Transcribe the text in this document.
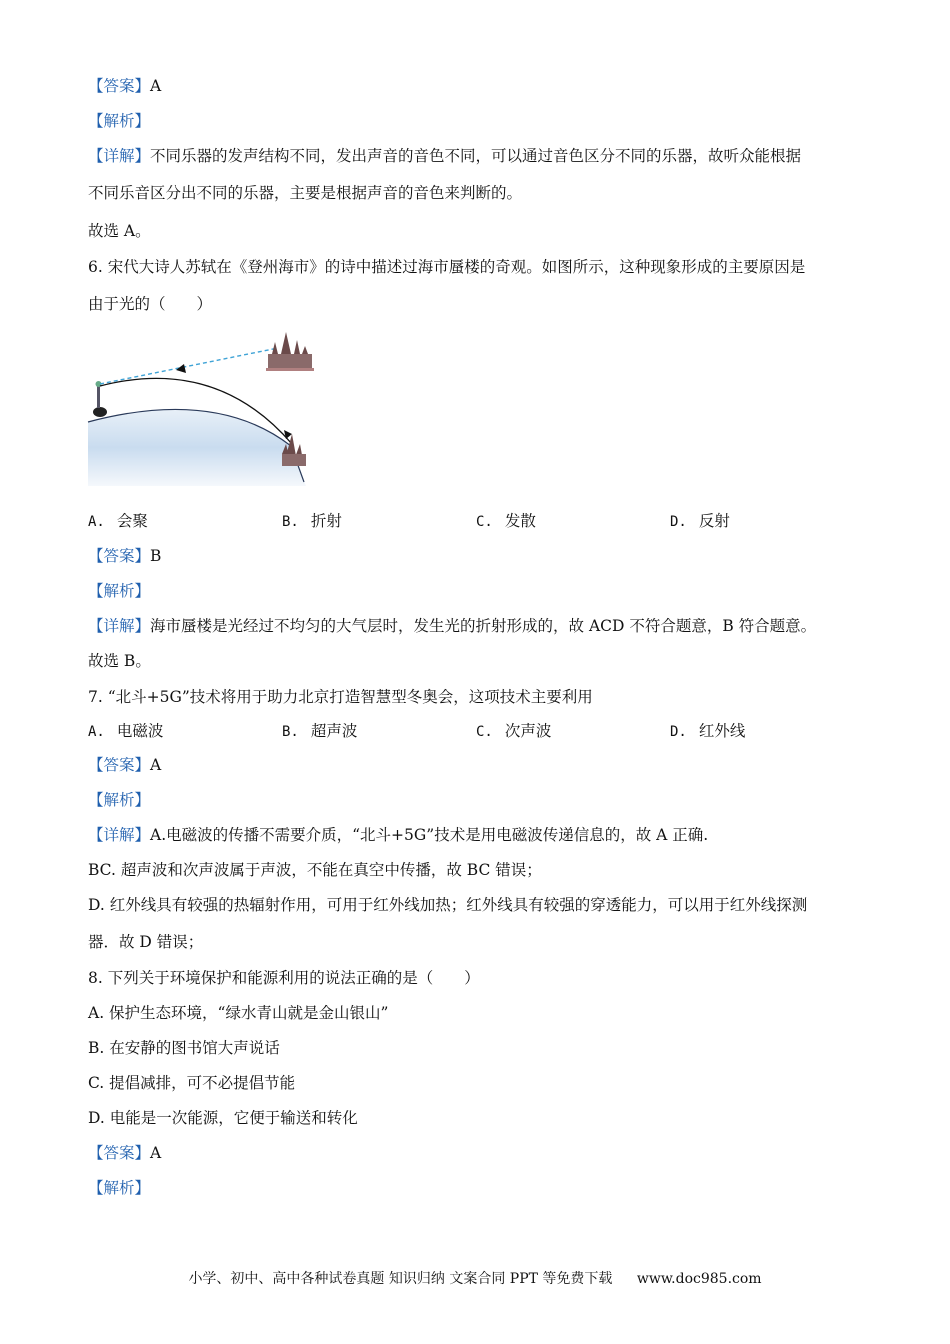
【答案】A
【解析】
【详解】不同乐器的发声结构不同，发出声音的音色不同，可以通过音色区分不同的乐器，故听众能根据
不同乐音区分出不同的乐器，主要是根据声音的音色来判断的。
故选 A。
6. 宋代大诗人苏轼在《登州海市》的诗中描述过海市蜃楼的奇观。如图所示，这种现象形成的主要原因是
由于光的（　　）
A. 会聚	B. 折射	C. 发散	D. 反射
【答案】B
【解析】
【详解】海市蜃楼是光经过不均匀的大气层时，发生光的折射形成的，故 ACD 不符合题意，B 符合题意。
故选 B。
7. “北斗+5G”技术将用于助力北京打造智慧型冬奥会，这项技术主要利用
A. 电磁波	B. 超声波	C. 次声波	D. 红外线
【答案】A
【解析】
【详解】A.电磁波的传播不需要介质，“北斗+5G”技术是用电磁波传递信息的，故 A 正确.
BC. 超声波和次声波属于声波，不能在真空中传播，故 BC 错误；
D. 红外线具有较强的热辐射作用，可用于红外线加热；红外线具有较强的穿透能力，可以用于红外线探测
器．故 D 错误；
8. 下列关于环境保护和能源利用的说法正确的是（　　）
A. 保护生态环境，“绿水青山就是金山银山”
B. 在安静的图书馆大声说话
C. 提倡减排，可不必提倡节能
D. 电能是一次能源，它便于输送和转化
【答案】A
【解析】
小学、初中、高中各种试卷真题 知识归纳 文案合同 PPT 等免费下载 www.doc985.com
